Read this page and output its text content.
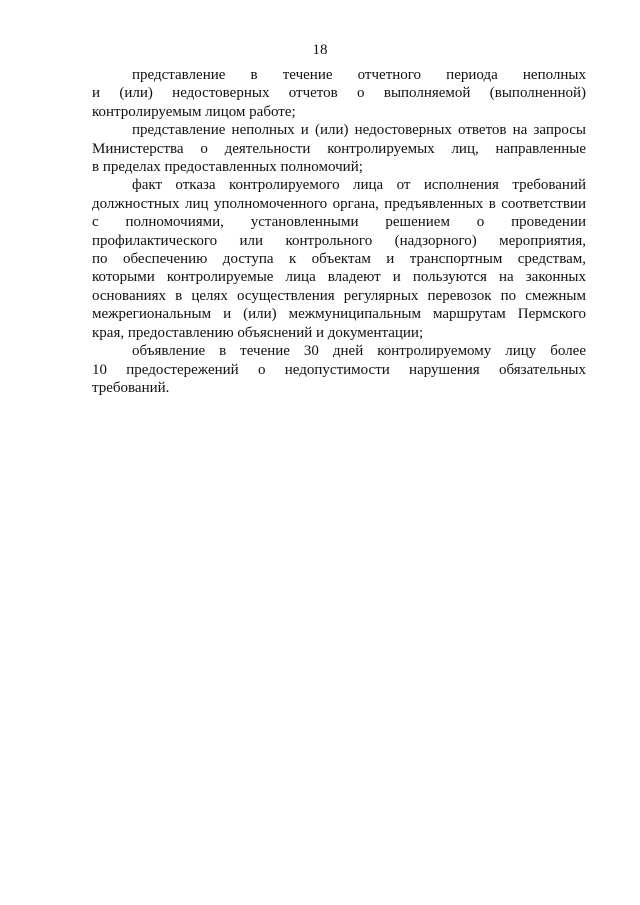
18
представление в течение отчетного периода неполных
и (или) недостоверных отчетов о выполняемой (выполненной)
контролируемым лицом работе;
представление неполных и (или) недостоверных ответов на запросы
Министерства о деятельности контролируемых лиц, направленные
в пределах предоставленных полномочий;
факт отказа контролируемого лица от исполнения требований
должностных лиц уполномоченного органа, предъявленных в соответствии
с полномочиями, установленными решением о проведении
профилактического или контрольного (надзорного) мероприятия,
по обеспечению доступа к объектам и транспортным средствам,
которыми контролируемые лица владеют и пользуются на законных
основаниях в целях осуществления регулярных перевозок по смежным
межрегиональным и (или) межмуниципальным маршрутам Пермского
края, предоставлению объяснений и документации;
объявление в течение 30 дней контролируемому лицу более
10 предостережений о недопустимости нарушения обязательных
требований.
